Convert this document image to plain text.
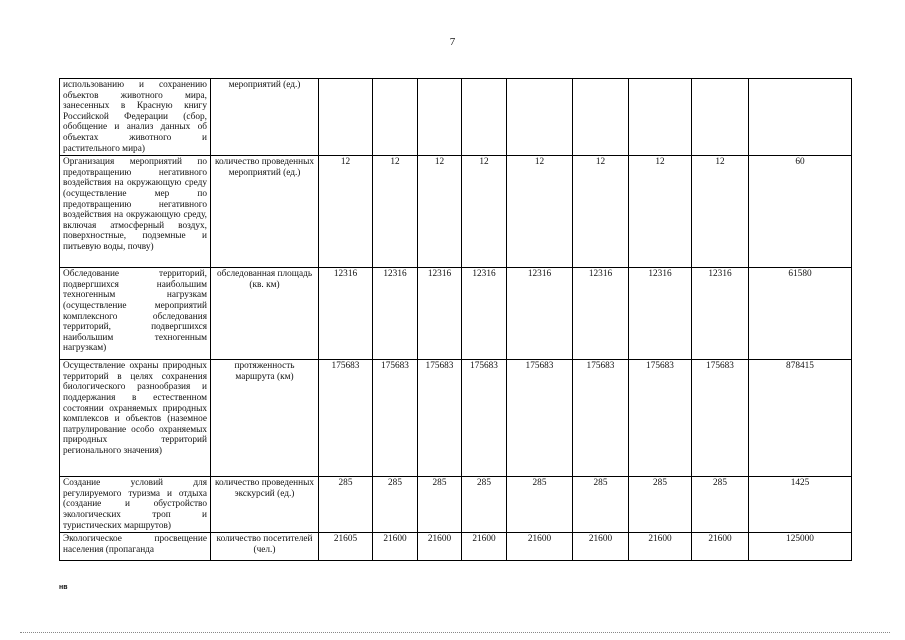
7
использованию и сохранению объектов животного мира, занесенных в Красную книгу Российской Федерации (сбор, обобщение и анализ данных об объектах животного и растительного мира)	мероприятий (ед.)									
Организация мероприятий по предотвращению негативного воздействия на окружающую среду (осуществление мер по предотвращению негативного воздействия на окружающую среду, включая атмосферный воздух, поверхностные, подземные и питьевую воды, почву)	количество проведенных мероприятий (ед.)	12	12	12	12	12	12	12	12	60
Обследование территорий, подвергшихся наибольшим техногенным нагрузкам (осуществление мероприятий комплексного обследования территорий, подвергшихся наибольшим техногенным нагрузкам)	обследованная площадь (кв. км)	12316	12316	12316	12316	12316	12316	12316	12316	61580
Осуществление охраны природных территорий в целях сохранения биологического разнообразия и поддержания в естественном состоянии охраняемых природных комплексов и объектов (наземное патрулирование особо охраняемых природных территорий регионального значения)	протяженность маршрута (км)	175683	175683	175683	175683	175683	175683	175683	175683	878415
Создание условий для регулируемого туризма и отдыха (создание и обустройство экологических троп и туристических маршрутов)	количество проведенных экскурсий (ед.)	285	285	285	285	285	285	285	285	1425
Экологическое просвещение населения (пропаганда	количество посетителей (чел.)	21605	21600	21600	21600	21600	21600	21600	21600	125000
нв
